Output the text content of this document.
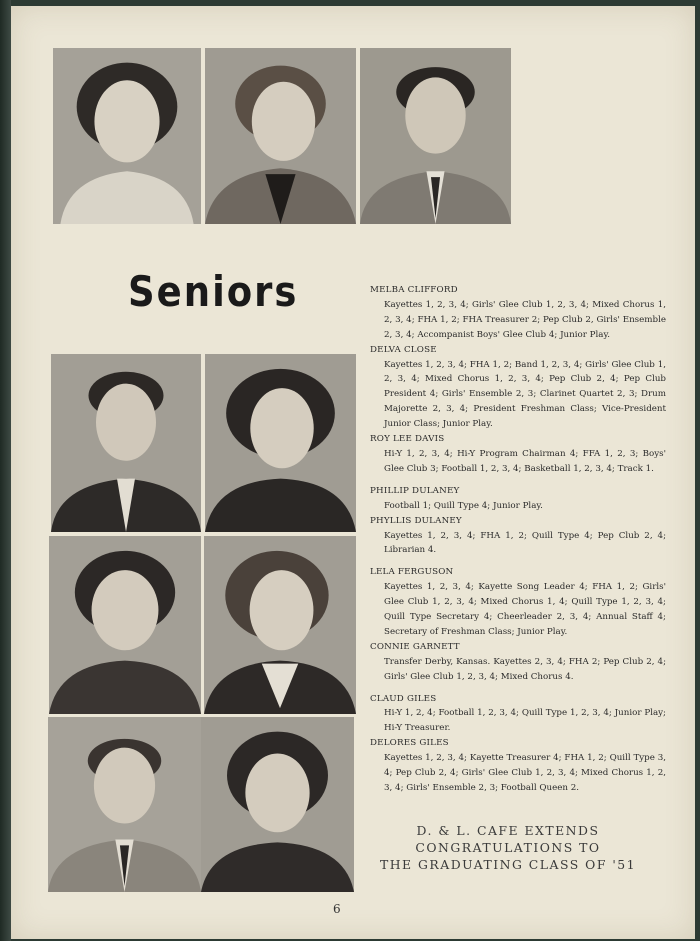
Seniors	MELBA CLIFFORD
Kayettes 1, 2, 3, 4; Girls' Glee Club 1, 2, 3, 4; Mixed Chorus 1, 2, 3, 4; FHA 1, 2; FHA Treasurer 2; Pep Club 2, Girls' Ensemble 2, 3, 4; Accompanist Boys' Glee Club 4; Junior Play.
DELVA CLOSE
Kayettes 1, 2, 3, 4; FHA 1, 2; Band 1, 2, 3, 4; Girls' Glee Club 1, 2, 3, 4; Mixed Chorus 1, 2, 3, 4; Pep Club 2, 4; Pep Club President 4; Girls' Ensemble 2, 3; Clarinet Quartet 2, 3; Drum Majorette 2, 3, 4; President Freshman Class; Vice-President Junior Class; Junior Play.
ROY LEE DAVIS
Hi-Y 1, 2, 3, 4; Hi-Y Program Chairman 4; FFA 1, 2, 3; Boys' Glee Club 3; Football 1, 2, 3, 4; Basketball 1, 2, 3, 4; Track 1.
PHILLIP DULANEY
Football 1; Quill Type 4; Junior Play.
PHYLLIS DULANEY
Kayettes 1, 2, 3, 4; FHA 1, 2; Quill Type 4; Pep Club 2, 4; Librarian 4.
LELA FERGUSON
Kayettes 1, 2, 3, 4; Kayette Song Leader 4; FHA 1, 2; Girls' Glee Club 1, 2, 3, 4; Mixed Chorus 1, 4; Quill Type 1, 2, 3, 4; Quill Type Secretary 4; Cheerleader 2, 3, 4; Annual Staff 4; Secretary of Freshman Class; Junior Play.
CONNIE GARNETT
Transfer Derby, Kansas. Kayettes 2, 3, 4; FHA 2; Pep Club 2, 4; Girls' Glee Club 1, 2, 3, 4; Mixed Chorus 4.
CLAUD GILES
Hi-Y 1, 2, 4; Football 1, 2, 3, 4; Quill Type 1, 2, 3, 4; Junior Play; Hi-Y Treasurer.
DELORES GILES
Kayettes 1, 2, 3, 4; Kayette Treasurer 4; FHA 1, 2; Quill Type 3, 4; Pep Club 2, 4; Girls' Glee Club 1, 2, 3, 4; Mixed Chorus 1, 2, 3, 4; Girls' Ensemble 2, 3; Football Queen 2.
D. & L. CAFE EXTENDS
CONGRATULATIONS TO
THE GRADUATING CLASS OF '51
6
